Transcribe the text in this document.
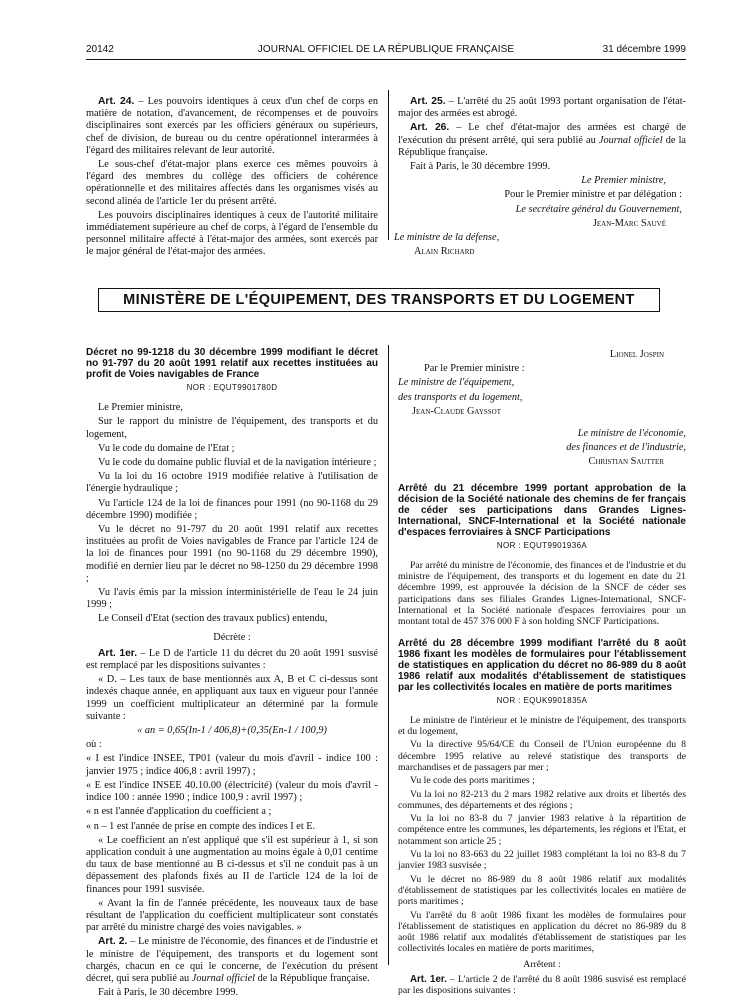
20142	JOURNAL OFFICIEL DE LA RÉPUBLIQUE FRANÇAISE	31 décembre 1999

Art. 24. – Les pouvoirs identiques à ceux d'un chef de corps en matière de notation, d'avancement, de récompenses et de pouvoirs disciplinaires sont exercés par les officiers généraux ou supérieurs, chef de division, de bureau ou du centre opérationnel interarmées à l'égard des militaires relevant de leur autorité.

Le sous-chef d'état-major plans exerce ces mêmes pouvoirs à l'égard des membres du collège des officiers de cohérence opérationnelle et des militaires affectés dans les organismes visés au second alinéa de l'article 1er du présent arrêté.

Les pouvoirs disciplinaires identiques à ceux de l'autorité militaire immédiatement supérieure au chef de corps, à l'égard de l'ensemble du personnel militaire affecté à l'état-major des armées, sont exercés par le major général de l'état-major des armées.

Art. 25. – L'arrêté du 25 août 1993 portant organisation de l'état-major des armées est abrogé.

Art. 26. – Le chef d'état-major des armées est chargé de l'exécution du présent arrêté, qui sera publié au Journal officiel de la République française.

Fait à Paris, le 30 décembre 1999.

Le Premier ministre,

Pour le Premier ministre et par délégation :

Le secrétaire général du Gouvernement,

Jean-Marc Sauvé

Le ministre de la défense,

Alain Richard

MINISTÈRE DE L'ÉQUIPEMENT, DES TRANSPORTS ET DU LOGEMENT
Décret no 99-1218 du 30 décembre 1999 modifiant le décret no 91-797 du 20 août 1991 relatif aux recettes instituées au profit de Voies navigables de France
NOR : EQUT9901780D

Le Premier ministre,

Sur le rapport du ministre de l'équipement, des transports et du logement,

Vu le code du domaine de l'Etat ;

Vu le code du domaine public fluvial et de la navigation intérieure ;

Vu la loi du 16 octobre 1919 modifiée relative à l'utilisation de l'énergie hydraulique ;

Vu l'article 124 de la loi de finances pour 1991 (no 90-1168 du 29 décembre 1990) modifiée ;

Vu le décret no 91-797 du 20 août 1991 relatif aux recettes instituées au profit de Voies navigables de France par l'article 124 de la loi de finances pour 1991 (no 90-1168 du 29 décembre 1990), modifié en dernier lieu par le décret no 98-1250 du 29 décembre 1998 ;

Vu l'avis émis par la mission interministérielle de l'eau le 24 juin 1999 ;

Le Conseil d'Etat (section des travaux publics) entendu,

Décrète :

Art. 1er. – Le D de l'article 11 du décret du 20 août 1991 susvisé est remplacé par les dispositions suivantes :

« D. – Les taux de base mentionnés aux A, B et C ci-dessus sont indexés chaque année, en appliquant aux taux en vigueur pour l'année 1999 un coefficient multiplicateur an déterminé par la formule suivante :

« an = 0,65(In-1 / 406,8)+(0,35(En-1 / 100,9)

où :

« I est l'indice INSEE, TP01 (valeur du mois d'avril - indice 100 : janvier 1975 ; indice 406,8 : avril 1997) ;

« E est l'indice INSEE 40.10.00 (électricité) (valeur du mois d'avril - indice 100 : année 1990 ; indice 100,9 : avril 1997) ;

« n est l'année d'application du coefficient a ;

« n – 1 est l'année de prise en compte des indices I et E.

« Le coefficient an n'est appliqué que s'il est supérieur à 1, si son application conduit à une augmentation au moins égale à 0,01 centime du taux de base mentionné au B ci-dessus et s'il ne conduit pas à un dépassement des plafonds fixés au II de l'article 124 de la loi de finances pour 1991 susvisée.

« Avant la fin de l'année précédente, les nouveaux taux de base résultant de l'application du coefficient multiplicateur sont constatés par arrêté du ministre chargé des voies navigables. »

Art. 2. – Le ministre de l'économie, des finances et de l'industrie et le ministre de l'équipement, des transports et du logement sont chargés, chacun en ce qui le concerne, de l'exécution du présent décret, qui sera publié au Journal officiel de la République française.

Fait à Paris, le 30 décembre 1999.

Lionel Jospin

Par le Premier ministre :

Le ministre de l'équipement,

des transports et du logement,

Jean-Claude Gayssot

Le ministre de l'économie,

des finances et de l'industrie,

Christian Sautter

Arrêté du 21 décembre 1999 portant approbation de la décision de la Société nationale des chemins de fer français de céder ses participations dans Grandes Lignes-International, SNCF-International et la Société nationale d'espaces ferroviaires à SNCF Participations
NOR : EQUT9901936A

Par arrêté du ministre de l'économie, des finances et de l'industrie et du ministre de l'équipement, des transports et du logement en date du 21 décembre 1999, est approuvée la décision de la SNCF de céder ses participations dans ses filiales Grandes Lignes-International, SNCF-International et la Société nationale d'espaces ferroviaires pour un montant total de 457 376 000 F à son holding SNCF Participations.

Arrêté du 28 décembre 1999 modifiant l'arrêté du 8 août 1986 fixant les modèles de formulaires pour l'établissement de statistiques en application du décret no 86-989 du 8 août 1986 relatif aux modalités d'établissement de statistiques par les collectivités locales en matière de ports maritimes
NOR : EQUK9901835A

Le ministre de l'intérieur et le ministre de l'équipement, des transports et du logement,

Vu la directive 95/64/CE du Conseil de l'Union européenne du 8 décembre 1995 relative au relevé statistique des transports de marchandises et de passagers par mer ;

Vu le code des ports maritimes ;

Vu la loi no 82-213 du 2 mars 1982 relative aux droits et libertés des communes, des départements et des régions ;

Vu la loi no 83-8 du 7 janvier 1983 relative à la répartition de compétence entre les communes, les départements, les régions et l'Etat, et notamment son article 25 ;

Vu la loi no 83-663 du 22 juillet 1983 complétant la loi no 83-8 du 7 janvier 1983 susvisée ;

Vu le décret no 86-989 du 8 août 1986 relatif aux modalités d'établissement de statistiques par les collectivités locales en matière de ports maritimes ;

Vu l'arrêté du 8 août 1986 fixant les modèles de formulaires pour l'établissement de statistiques en application du décret no 86-989 du 8 août 1986 relatif aux modalités d'établissement de statistiques par les collectivités locales en matière de ports maritimes,

Arrêtent :

Art. 1er. – L'article 2 de l'arrêté du 8 août 1986 susvisé est remplacé par les dispositions suivantes :
